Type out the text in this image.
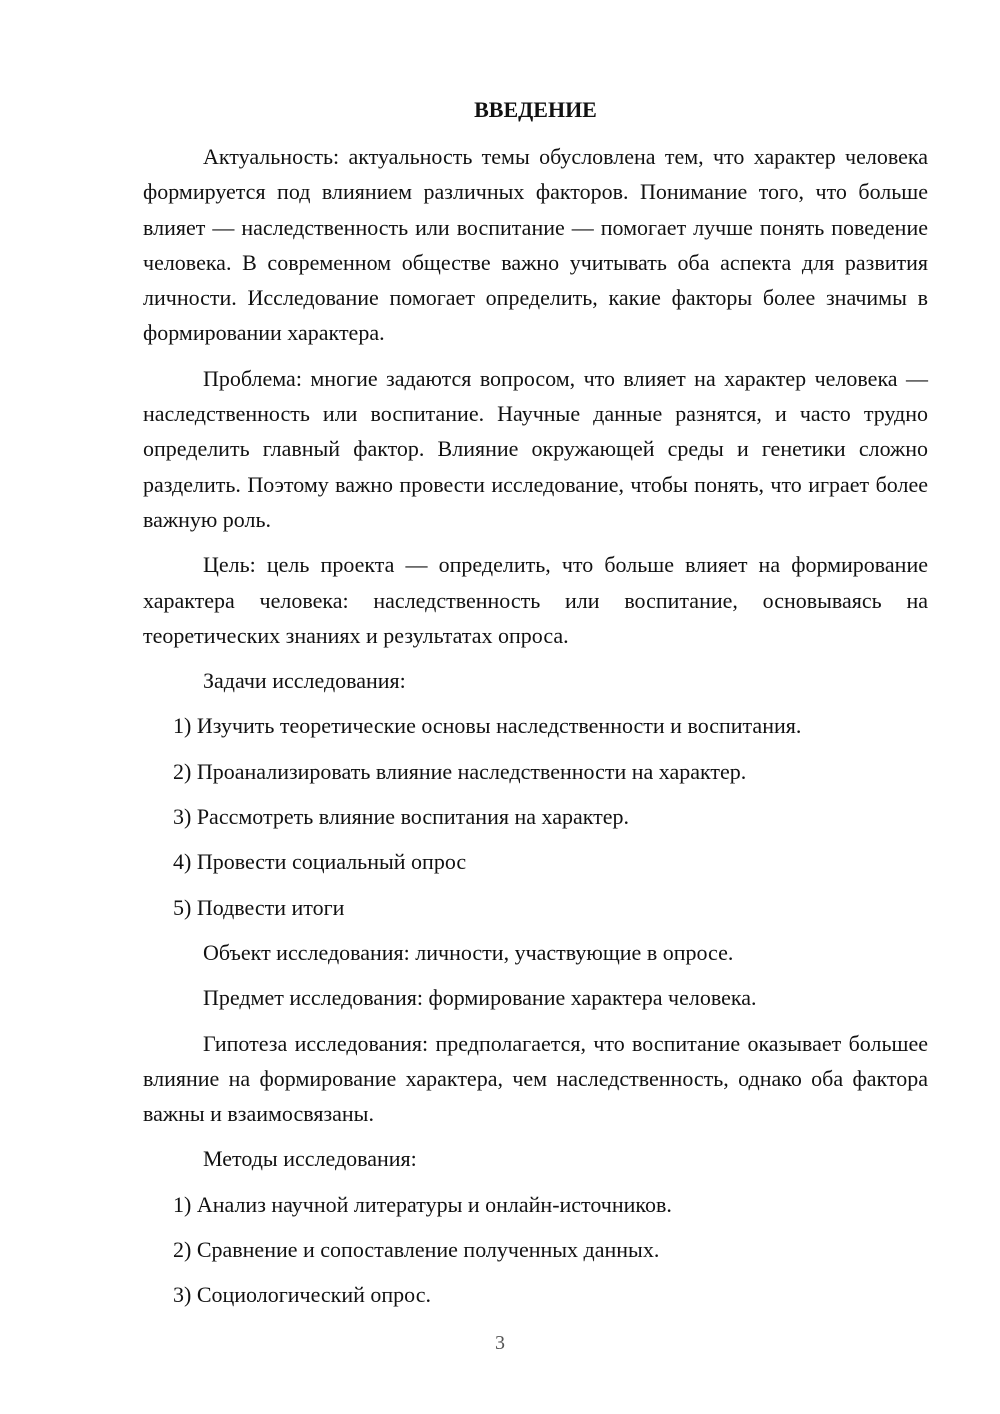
ВВЕДЕНИЕ

Актуальность: актуальность темы обусловлена тем, что характер человека формируется под влиянием различных факторов. Понимание того, что больше влияет — наследственность или воспитание — помогает лучше понять поведение человека. В современном обществе важно учитывать оба аспекта для развития личности. Исследование помогает определить, какие факторы более значимы в формировании характера.

Проблема: многие задаются вопросом, что влияет на характер человека — наследственность или воспитание. Научные данные разнятся, и часто трудно определить главный фактор. Влияние окружающей среды и генетики сложно разделить. Поэтому важно провести исследование, чтобы понять, что играет более важную роль.

Цель: цель проекта — определить, что больше влияет на формирование характера человека: наследственность или воспитание, основываясь на теоретических знаниях и результатах опроса.

Задачи исследования:

1) Изучить теоретические основы наследственности и воспитания.
2) Проанализировать влияние наследственности на характер.
3) Рассмотреть влияние воспитания на характер.
4) Провести социальный опрос
5) Подвести итоги

Объект исследования: личности, участвующие в опросе.

Предмет исследования: формирование характера человека.

Гипотеза исследования: предполагается, что воспитание оказывает большее влияние на формирование характера, чем наследственность, однако оба фактора важны и взаимосвязаны.

Методы исследования:

1) Анализ научной литературы и онлайн-источников.
2) Сравнение и сопоставление полученных данных.
3) Социологический опрос.
3
